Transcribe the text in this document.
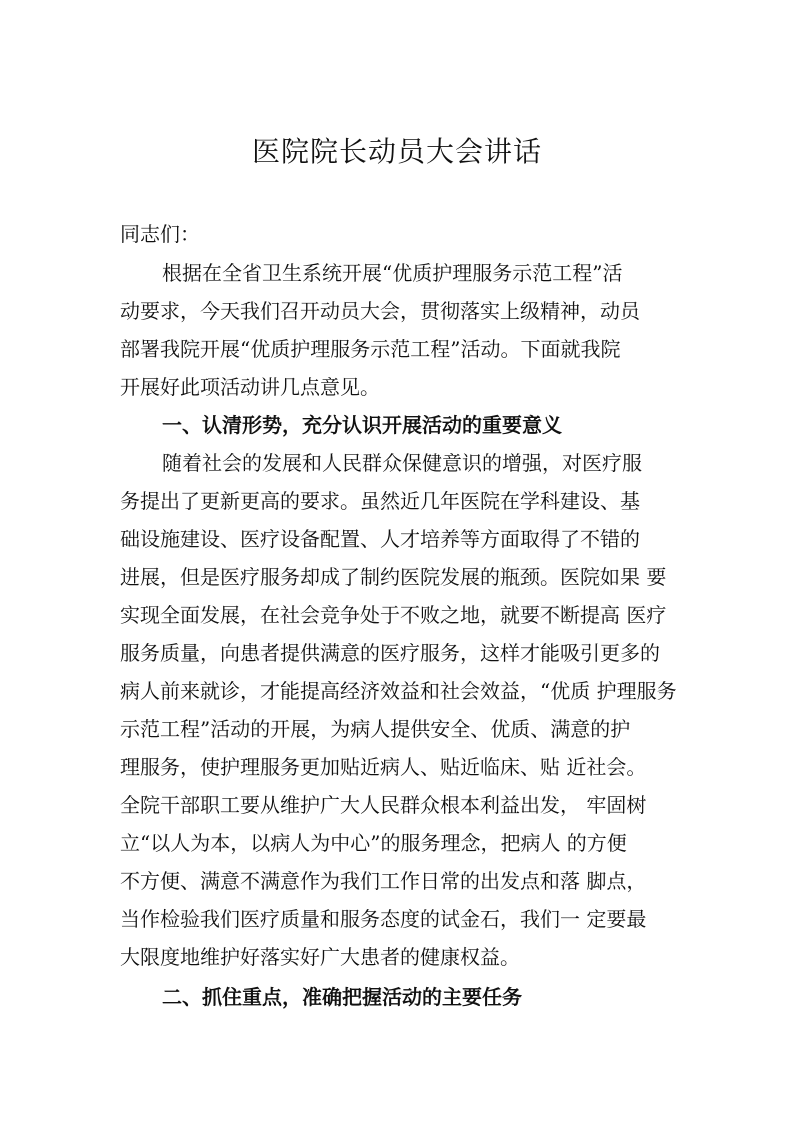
医院院长动员大会讲话

同志们：

根据在全省卫生系统开展“优质护理服务示范工程”活

动要求，今天我们召开动员大会，贯彻落实上级精神，动员

部署我院开展“优质护理服务示范工程”活动。下面就我院

开展好此项活动讲几点意见。

一、认清形势，充分认识开展活动的重要意义

随着社会的发展和人民群众保健意识的增强，对医疗服

务提出了更新更高的要求。虽然近几年医院在学科建设、基

础设施建设、医疗设备配置、人才培养等方面取得了不错的

进展，但是医疗服务却成了制约医院发展的瓶颈。医院如果 要

实现全面发展，在社会竞争处于不败之地，就要不断提高 医疗

服务质量，向患者提供满意的医疗服务，这样才能吸引更多的

病人前来就诊，才能提高经济效益和社会效益，“优质 护理服务

示范工程”活动的开展，为病人提供安全、优质、满意的护

理服务，使护理服务更加贴近病人、贴近临床、贴 近社会。

全院干部职工要从维护广大人民群众根本利益出发， 牢固树

立“以人为本，以病人为中心”的服务理念，把病人 的方便

不方便、满意不满意作为我们工作日常的出发点和落 脚点，

当作检验我们医疗质量和服务态度的试金石，我们一 定要最

大限度地维护好落实好广大患者的健康权益。

二、抓住重点，准确把握活动的主要任务
